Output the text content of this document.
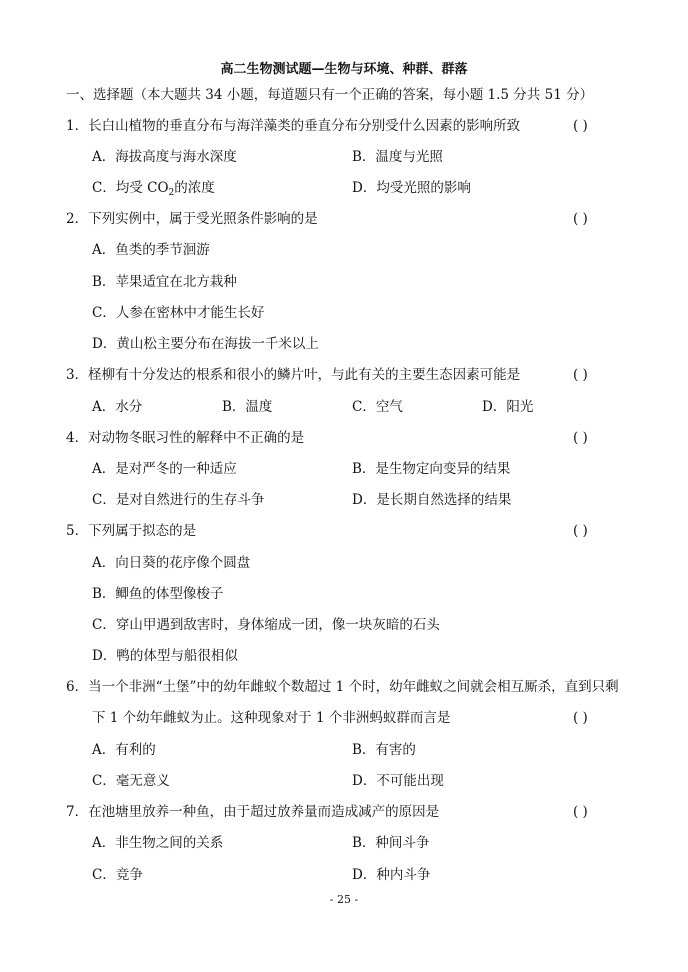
高二生物测试题—生物与环境、种群、群落
一、选择题（本大题共 34 小题，每道题只有一个正确的答案，每小题 1.5 分共 51 分）
1．长白山植物的垂直分布与海洋藻类的垂直分布分别受什么因素的影响所致	( )
A．海拔高度与海水深度	B．温度与光照
C．均受 $CO_2$的浓度	D．均受光照的影响
2．下列实例中，属于受光照条件影响的是	( )
A．鱼类的季节洄游
B．苹果适宜在北方栽种
C．人参在密林中才能生长好
D．黄山松主要分布在海拔一千米以上
3．柽柳有十分发达的根系和很小的鳞片叶，与此有关的主要生态因素可能是	( )
A．水分	B．温度	C．空气	D．阳光
4．对动物冬眠习性的解释中不正确的是	( )
A．是对严冬的一种适应	B．是生物定向变异的结果
C．是对自然进行的生存斗争	D．是长期自然选择的结果
5．下列属于拟态的是	( )
A．向日葵的花序像个圆盘
B．鲫鱼的体型像梭子
C．穿山甲遇到敌害时，身体缩成一团，像一块灰暗的石头
D．鸭的体型与船很相似
6．当一个非洲“土堡”中的幼年雌蚁个数超过 1 个时，幼年雌蚁之间就会相互厮杀，直到只剩
下 1 个幼年雌蚁为止。这种现象对于 1 个非洲蚂蚁群而言是	( )
A．有利的	B．有害的
C．毫无意义	D．不可能出现
7．在池塘里放养一种鱼，由于超过放养量而造成减产的原因是	( )
A．非生物之间的关系	B．种间斗争
C．竞争	D．种内斗争
- 25 -
